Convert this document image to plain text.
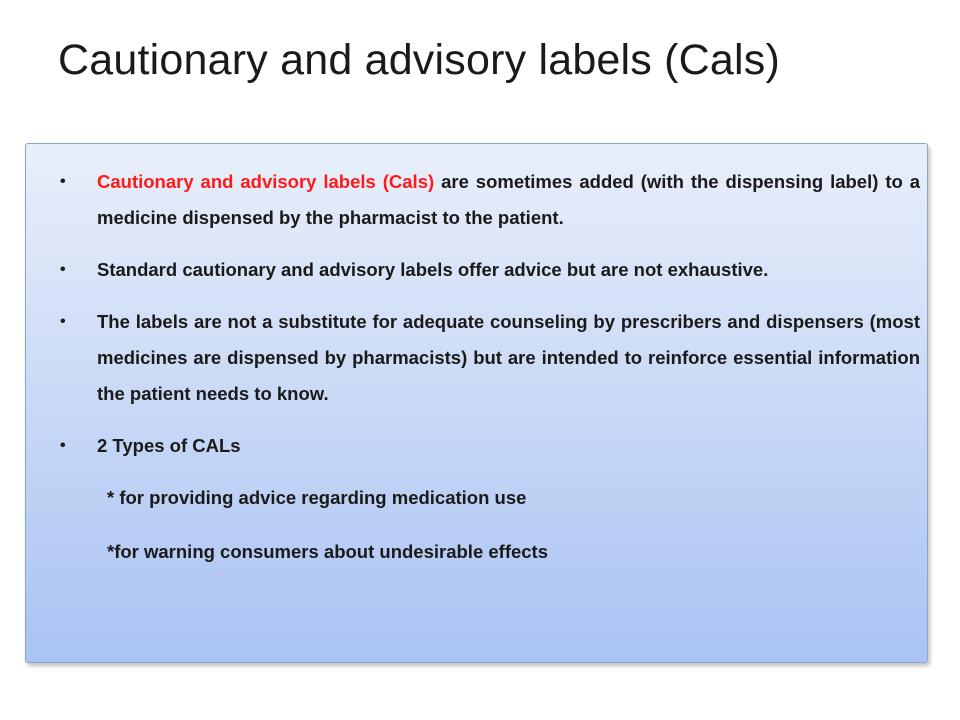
Cautionary and advisory labels (Cals)
• Cautionary and advisory labels (Cals) are sometimes added (with the dispensing label) to a medicine dispensed by the pharmacist to the patient.
• Standard cautionary and advisory labels offer advice but are not exhaustive.
• The labels are not a substitute for adequate counseling by prescribers and dispensers (most medicines are dispensed by pharmacists) but are intended to reinforce essential information the patient needs to know.
• 2 Types of CALs
* for providing advice regarding medication use
*for warning consumers about undesirable effects
